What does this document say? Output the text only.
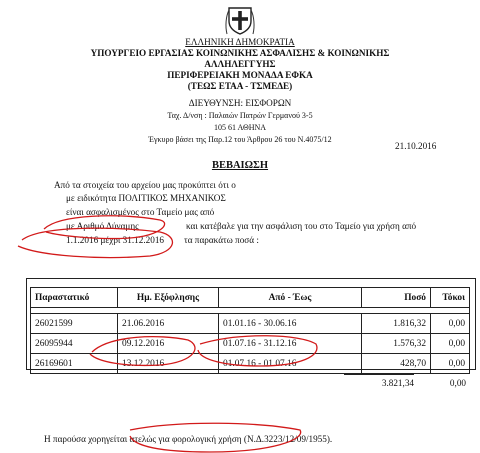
ΕΛΛΗΝΙΚΗ ΔΗΜΟΚΡΑΤΙΑ
ΥΠΟΥΡΓΕΙΟ ΕΡΓΑΣΙΑΣ ΚΟΙΝΩΝΙΚΗΣ ΑΣΦΑΛΙΣΗΣ & ΚΟΙΝΩΝΙΚΗΣ
ΑΛΛΗΛΕΓΓΥΗΣ
ΠΕΡΙΦΕΡΕΙΑΚΗ ΜΟΝΑΔΑ ΕΦΚΑ
(ΤΕΩΣ ΕΤΑΑ - ΤΣΜΕΔΕ)
ΔΙΕΥΘΥΝΣΗ: ΕΙΣΦΟΡΩΝ
Ταχ. Δ/νση : Παλαιών Πατρών Γερμανού 3-5
105 61 ΑΘΗΝΑ
Έγκυρο βάσει της Παρ.12 του Άρθρου 26 του Ν.4075/12
21.10.2016
ΒΕΒΑΙΩΣΗ
Από τα στοιχεία του αρχείου μας προκύπτει ότι ο
με ειδικότητα ΠΟΛΙΤΙΚΟΣ ΜΗΧΑΝΙΚΟΣ
είναι ασφαλισμένος στο Ταμείο μας από
με Αριθμό Δύναμης	και κατέβαλε για την ασφάλιση του στο Ταμείο για χρήση από
1.1.2016 μέχρι 31.12.2016 τα παρακάτω ποσά :
Παραστατικό	Ημ. Εξόφλησης	Από - Έως	Ποσό	Τόκοι

26021599	21.06.2016	01.01.16 - 30.06.16	1.816,32	0,00
26095944	09.12.2016	01.07.16 - 31.12.16	1.576,32	0,00
26169601	13.12.2016	01.07.16 - 01.07.16	428,70	0,00
3.821,34	0,00
Η παρούσα χορηγείται ατελώς για φορολογική χρήση (Ν.Δ.3223/12/09/1955).
